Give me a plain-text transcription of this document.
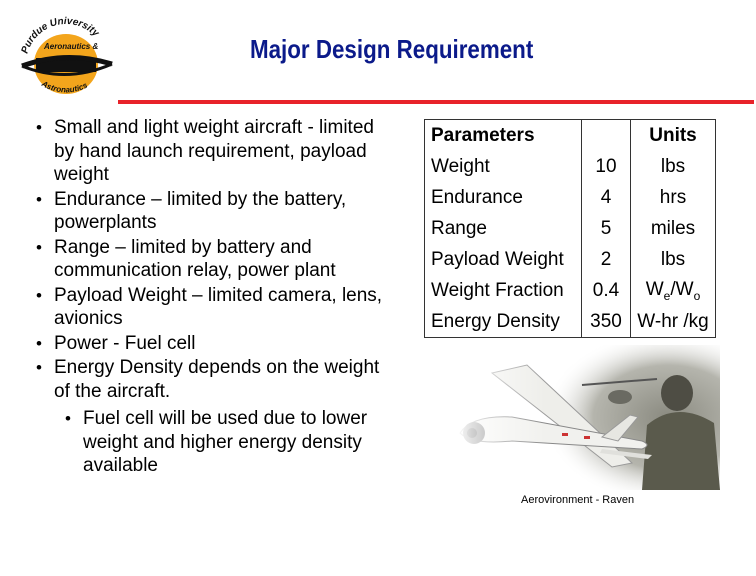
Purdue University
Aeronautics &
Astronautics
Major Design Requirement
• Small and light weight aircraft - limited by hand launch requirement, payload weight
• Endurance – limited by the battery, powerplants
• Range – limited by battery and communication relay, power plant
• Payload Weight – limited camera, lens, avionics
• Power - Fuel cell
• Energy Density depends on the weight of the aircraft.
• Fuel cell will be used due to lower weight and higher energy density available
Parameters		Units
Weight	10	lbs
Endurance	4	hrs
Range	5	miles
Payload Weight	2	lbs
Weight Fraction	0.4	$W_e/W_o$
Energy Density	350	W-hr /kg
Aerovironment - Raven
